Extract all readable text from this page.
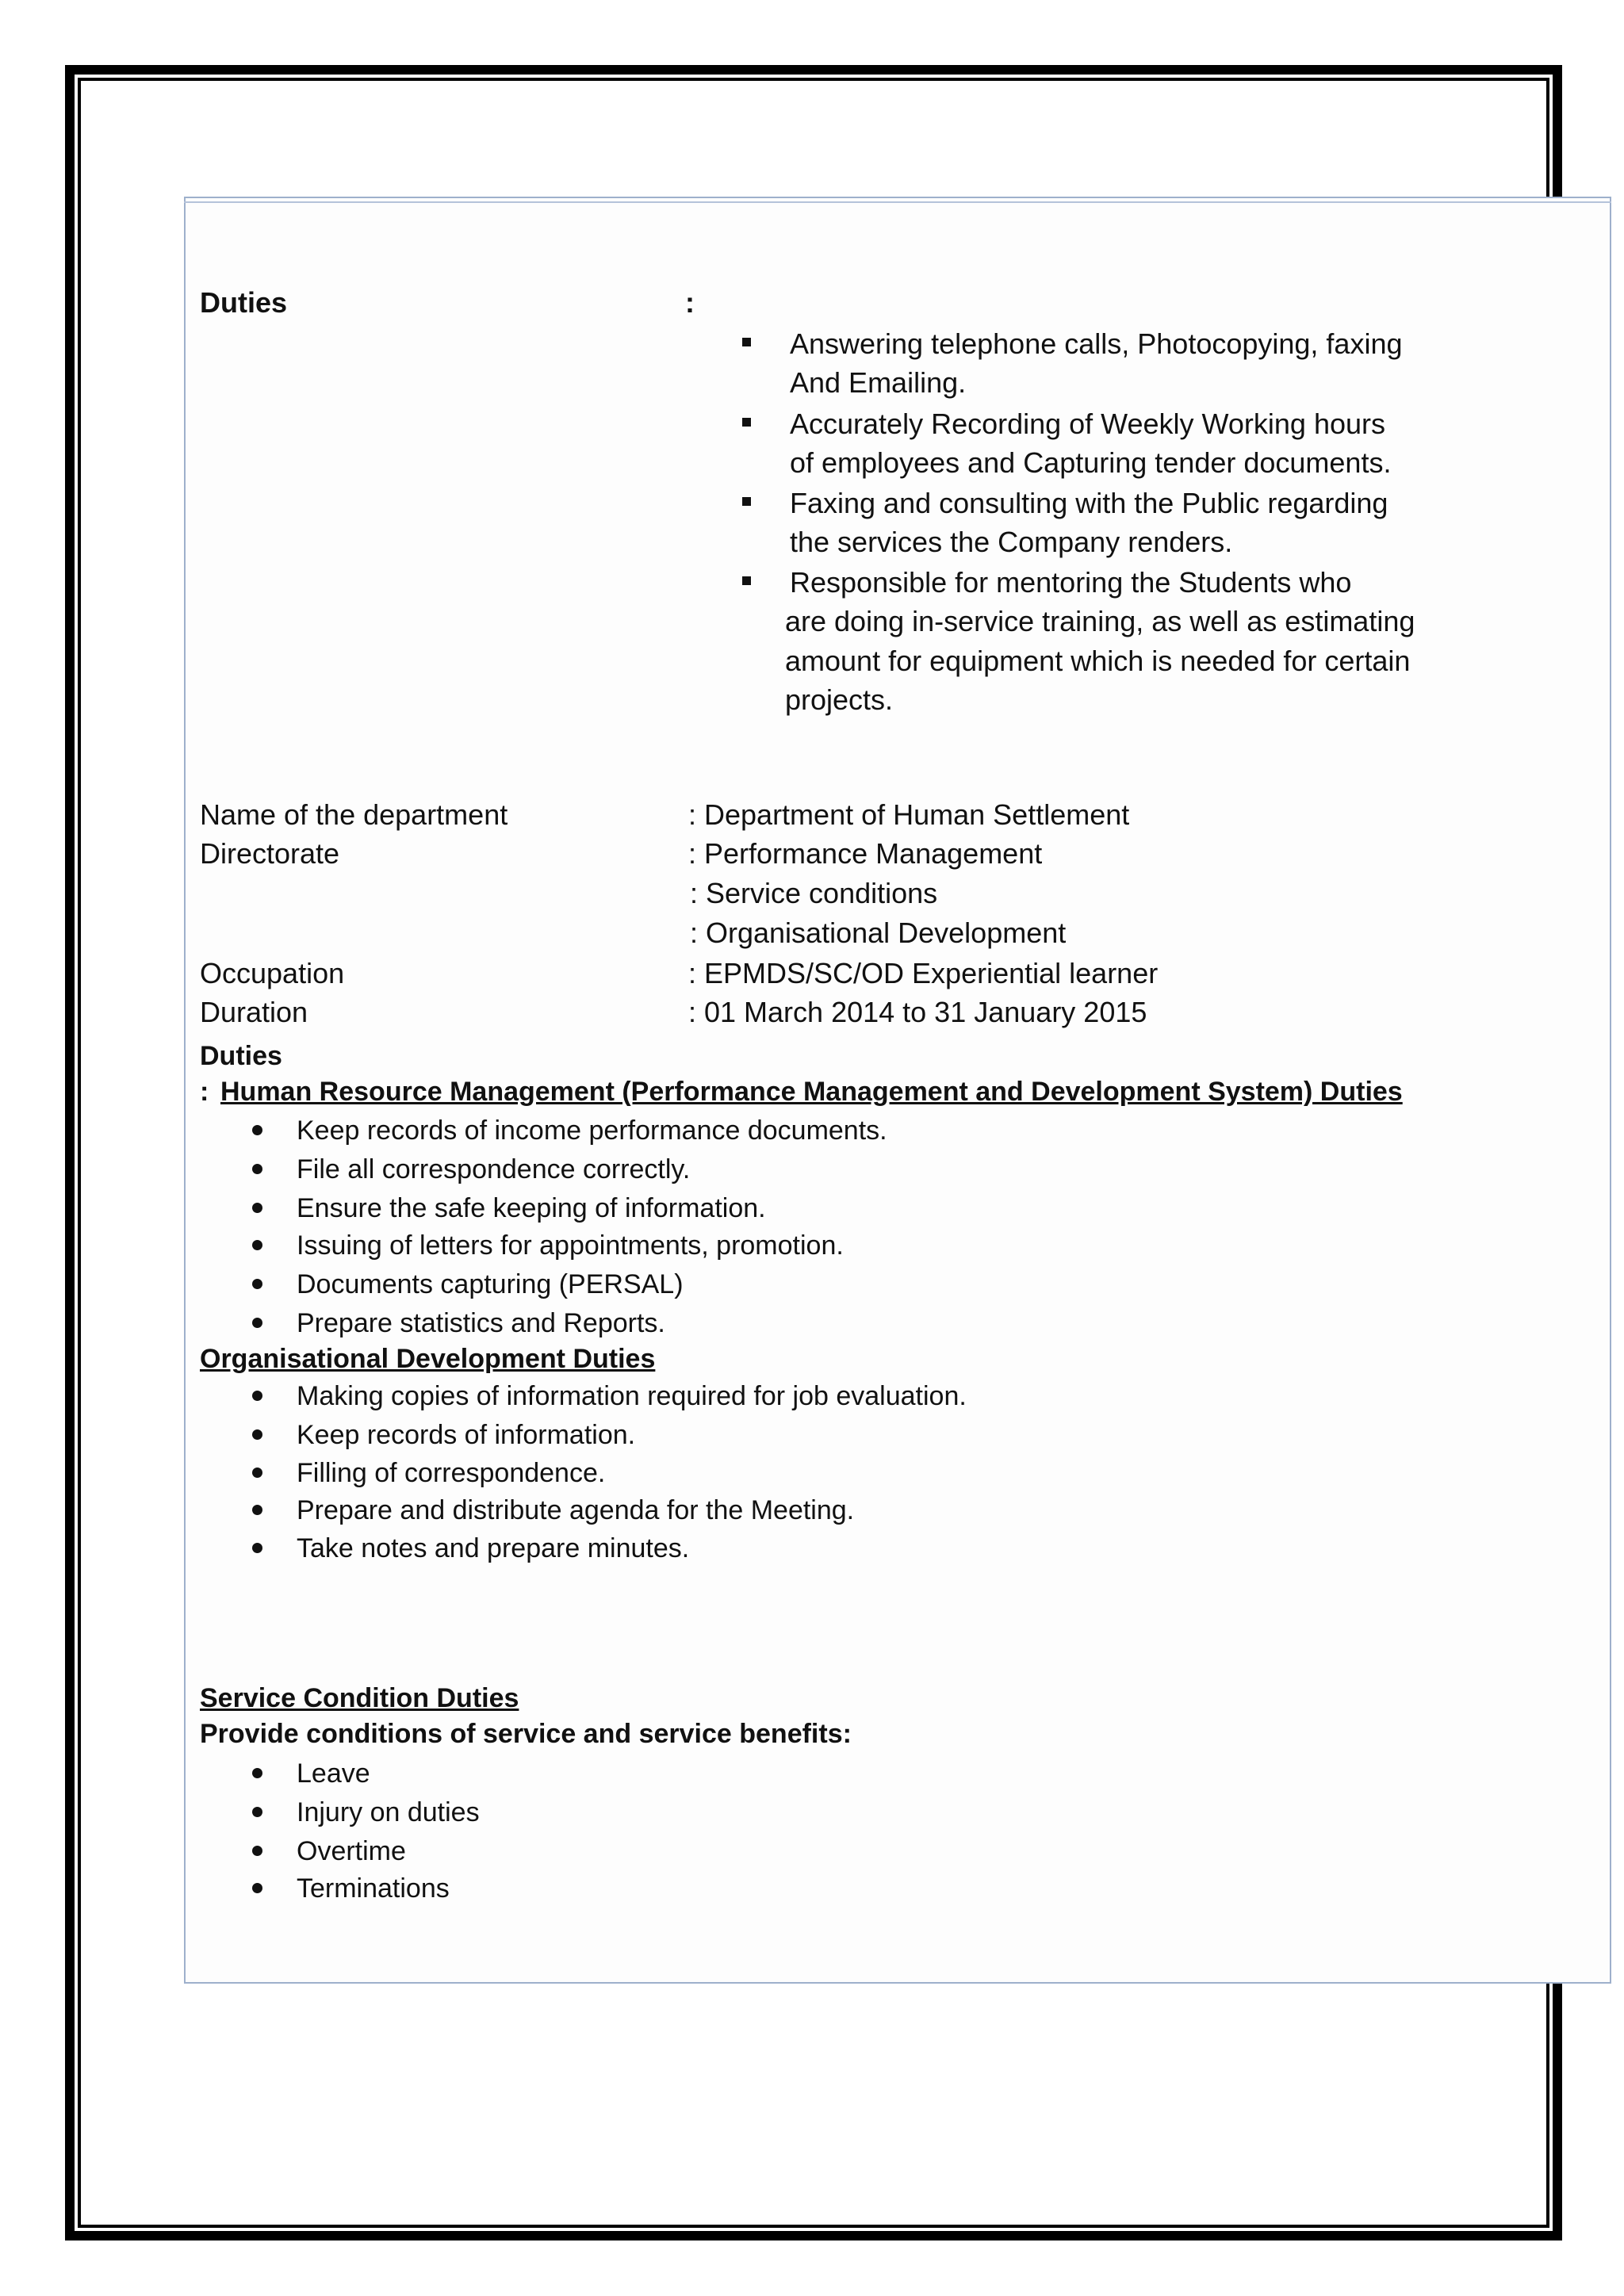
Duties	:
Answering telephone calls, Photocopying, faxing
And Emailing.
Accurately Recording of Weekly Working hours
of employees and Capturing tender documents.
Faxing and consulting with the Public regarding
the services the Company renders.
Responsible for mentoring the Students who
are doing in-service training, as well as estimating
amount for equipment which is needed for certain
projects.
Name of the department	: Department of Human Settlement
Directorate	: Performance Management
: Service conditions
: Organisational Development
Occupation	: EPMDS/SC/OD Experiential learner
Duration	: 01 March 2014 to 31 January 2015
Duties
: Human Resource Management (Performance Management and Development System) Duties
Keep records of income performance documents.
File all correspondence correctly.
Ensure the safe keeping of information.
Issuing of letters for appointments, promotion.
Documents capturing (PERSAL)
Prepare statistics and Reports.
Organisational Development Duties
Making copies of information required for job evaluation.
Keep records of information.
Filling of correspondence.
Prepare and distribute agenda for the Meeting.
Take notes and prepare minutes.
Service Condition Duties
Provide conditions of service and service benefits:
Leave
Injury on duties
Overtime
Terminations
